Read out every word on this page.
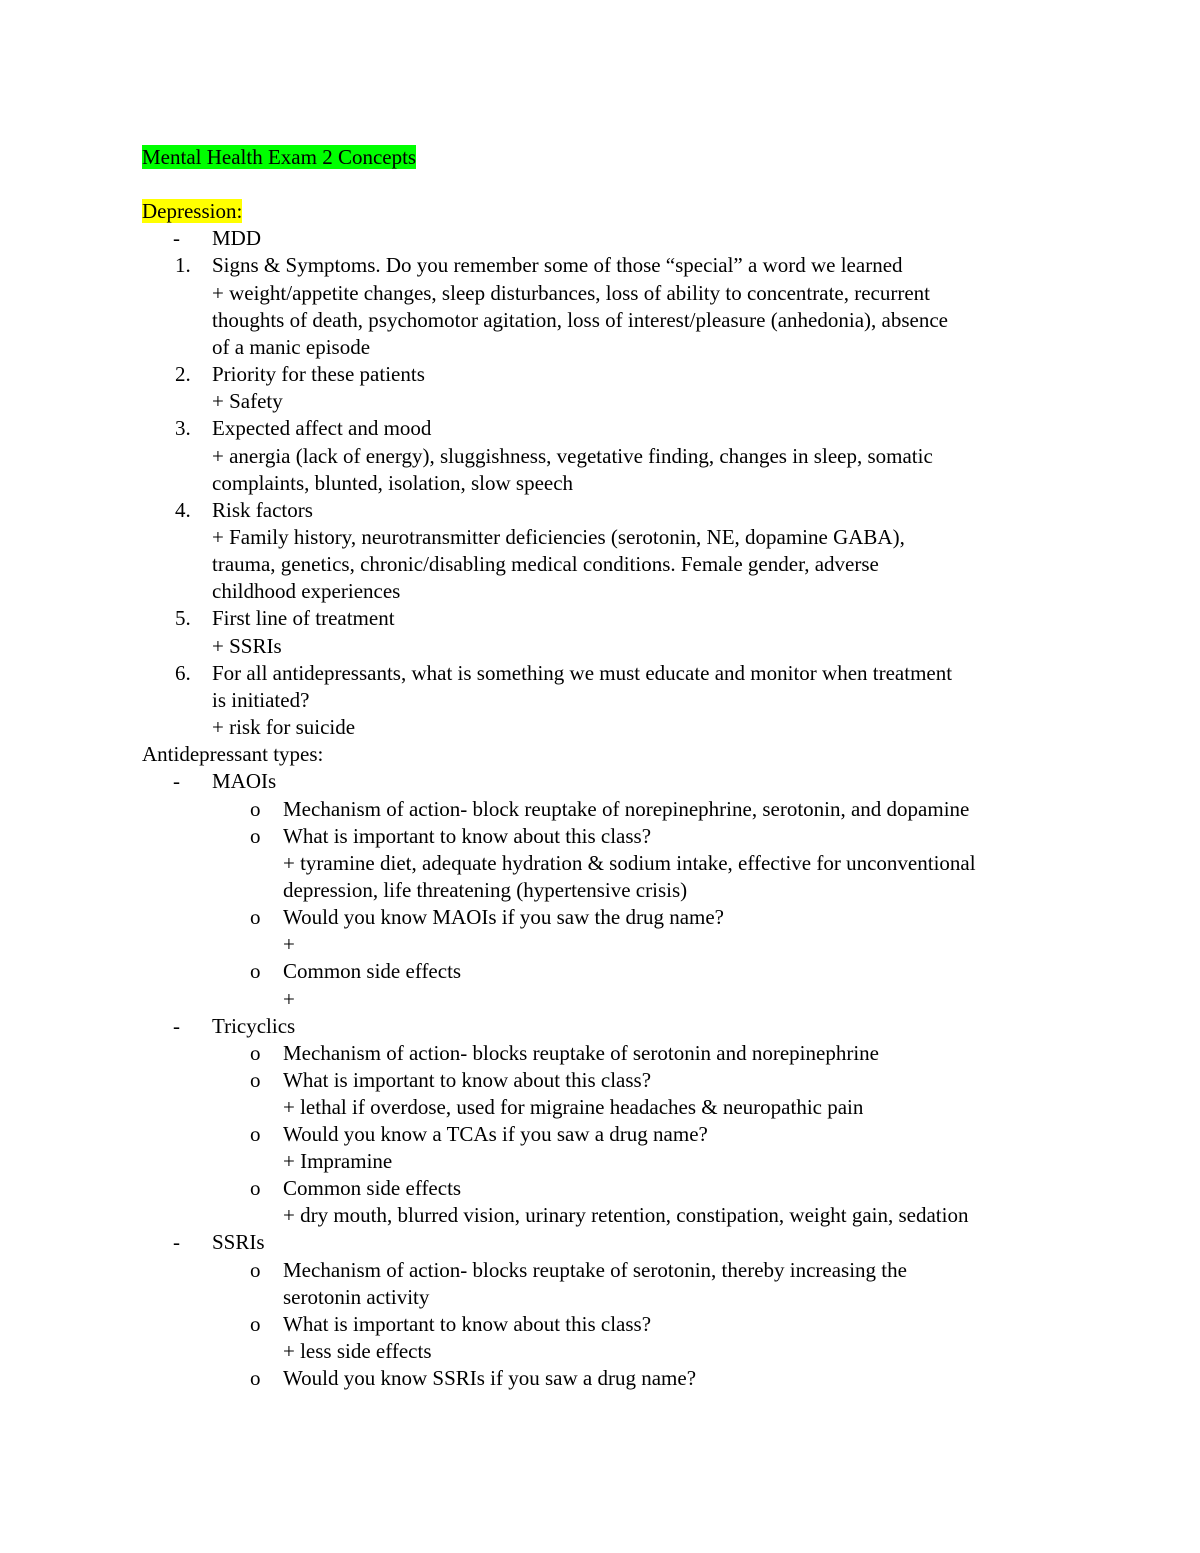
Mental Health Exam 2 Concepts
Depression:
- MDD
1. Signs & Symptoms. Do you remember some of those “special” a word we learned
+ weight/appetite changes, sleep disturbances, loss of ability to concentrate, recurrent
thoughts of death, psychomotor agitation, loss of interest/pleasure (anhedonia), absence
of a manic episode
2. Priority for these patients
+ Safety
3. Expected affect and mood
+ anergia (lack of energy), sluggishness, vegetative finding, changes in sleep, somatic
complaints, blunted, isolation, slow speech
4. Risk factors
+ Family history, neurotransmitter deficiencies (serotonin, NE, dopamine GABA),
trauma, genetics, chronic/disabling medical conditions. Female gender, adverse
childhood experiences
5. First line of treatment
+ SSRIs
6. For all antidepressants, what is something we must educate and monitor when treatment
is initiated?
+ risk for suicide
Antidepressant types:
- MAOIs
o Mechanism of action- block reuptake of norepinephrine, serotonin, and dopamine
o What is important to know about this class?
+ tyramine diet, adequate hydration & sodium intake, effective for unconventional
depression, life threatening (hypertensive crisis)
o Would you know MAOIs if you saw the drug name?
+
o Common side effects
+
- Tricyclics
o Mechanism of action- blocks reuptake of serotonin and norepinephrine
o What is important to know about this class?
+ lethal if overdose, used for migraine headaches & neuropathic pain
o Would you know a TCAs if you saw a drug name?
+ Impramine
o Common side effects
+ dry mouth, blurred vision, urinary retention, constipation, weight gain, sedation
- SSRIs
o Mechanism of action- blocks reuptake of serotonin, thereby increasing the
serotonin activity
o What is important to know about this class?
+ less side effects
o Would you know SSRIs if you saw a drug name?
